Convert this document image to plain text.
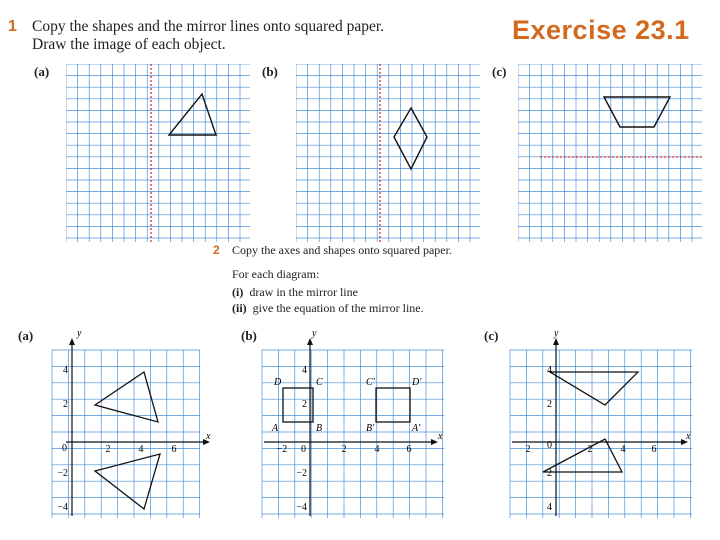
1 Copy the shapes and the mirror lines onto squared paper.
Draw the image of each object.	Exercise 23.1
(a)	(b)	(c)
2 Copy the axes and shapes onto squared paper.
For each diagram:
(i) draw in the mirror line
(ii) give the equation of the mirror line.
(a)	(b)	(c)
x
y
0	2	4	6
4
2
−2
−4
x
y
0
−2	2	4	6
4
2
−2
−4
D	C	C′	D′
A	B	B′	A′
x
y
0
2	2	4	6
4
2
2
4
